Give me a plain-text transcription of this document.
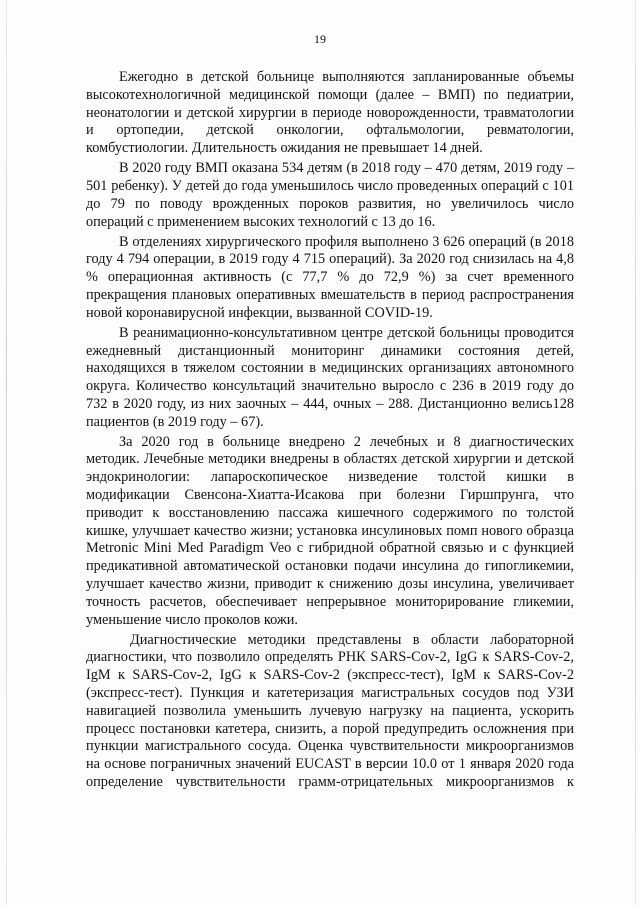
19

Ежегодно в детской больнице выполняются запланированные объемы высокотехнологичной медицинской помощи (далее – ВМП) по педиатрии, неонатологии и детской хирургии в периоде новорожденности, травматологии и ортопедии, детской онкологии, офтальмологии, ревматологии, комбустиологии. Длительность ожидания не превышает 14 дней.

В 2020 году ВМП оказана 534 детям (в 2018 году – 470 детям, 2019 году – 501 ребенку). У детей до года уменьшилось число проведенных операций с 101 до 79 по поводу врожденных пороков развития, но увеличилось число операций с применением высоких технологий с 13 до 16.

В отделениях хирургического профиля выполнено 3 626 операций (в 2018 году 4 794 операции, в 2019 году 4 715 операций). За 2020 год снизилась на 4,8 % операционная активность (с 77,7 % до 72,9 %) за счет временного прекращения плановых оперативных вмешательств в период распространения новой коронавирусной инфекции, вызванной COVID-19.

В реанимационно-консультативном центре детской больницы проводится ежедневный дистанционный мониторинг динамики состояния детей, находящихся в тяжелом состоянии в медицинских организациях автономного округа. Количество консультаций значительно выросло с 236 в 2019 году до 732 в 2020 году, из них заочных – 444, очных – 288. Дистанционно велись128 пациентов (в 2019 году – 67).

За 2020 год в больнице внедрено 2 лечебных и 8 диагностических методик. Лечебные методики внедрены в областях детской хирургии и детской эндокринологии: лапароскопическое низведение толстой кишки в модификации Свенсона-Хиатта-Исакова при болезни Гиршпрунга, что приводит к восстановлению пассажа кишечного содержимого по толстой кишке, улучшает качество жизни; установка инсулиновых помп нового образца Metronic Mini Med Paradigm Veo с гибридной обратной связью и с функцией предикативной автоматической остановки подачи инсулина до гипогликемии, улучшает качество жизни, приводит к снижению дозы инсулина, увеличивает точность расчетов, обеспечивает непрерывное мониторирование гликемии, уменьшение число проколов кожи.

Диагностические методики представлены в области лабораторной диагностики, что позволило определять РНК SARS-Cov-2, IgG к SARS-Cov-2, IgM к SARS-Cov-2, IgG к SARS-Cov-2 (экспресс-тест), IgM к SARS-Cov-2 (экспресс-тест). Пункция и катетеризация магистральных сосудов под УЗИ навигацией позволила уменьшить лучевую нагрузку на пациента, ускорить процесс постановки катетера, снизить, а порой предупредить осложнения при пункции магистрального сосуда. Оценка чувствительности микроорганизмов на основе пограничных значений EUCAST в версии 10.0 от 1 января 2020 года определение чувствительности грамм-отрицательных микроорганизмов к
